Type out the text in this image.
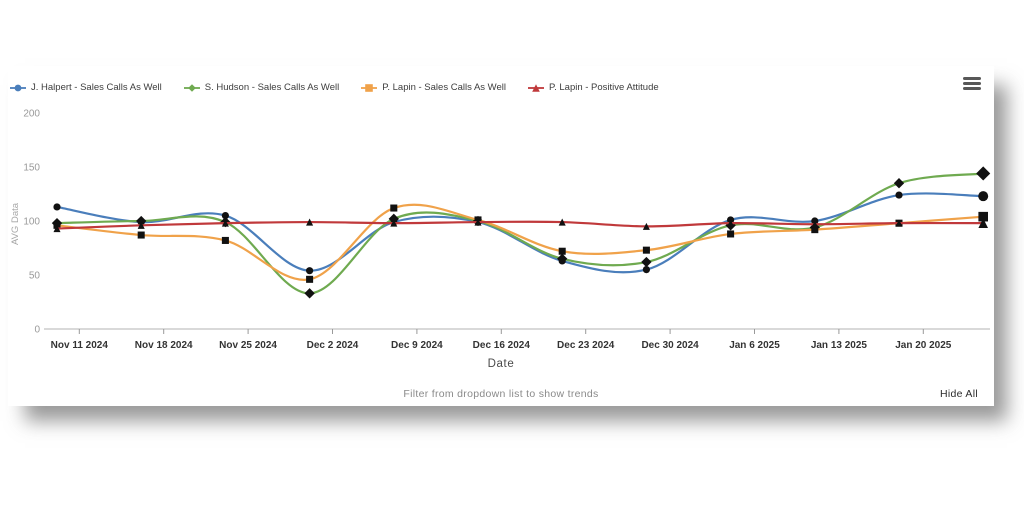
J. Halpert - Sales Calls As Well	S. Hudson - Sales Calls As Well	P. Lapin - Sales Calls As Well	P. Lapin - Positive Attitude
0
50
100
150
200
AVG Data
Nov 11 2024	Nov 18 2024	Nov 25 2024	Dec 2 2024	Dec 9 2024	Dec 16 2024	Dec 23 2024	Dec 30 2024	Jan 6 2025	Jan 13 2025	Jan 20 2025
Date
Filter from dropdown list to show trends	Hide All
